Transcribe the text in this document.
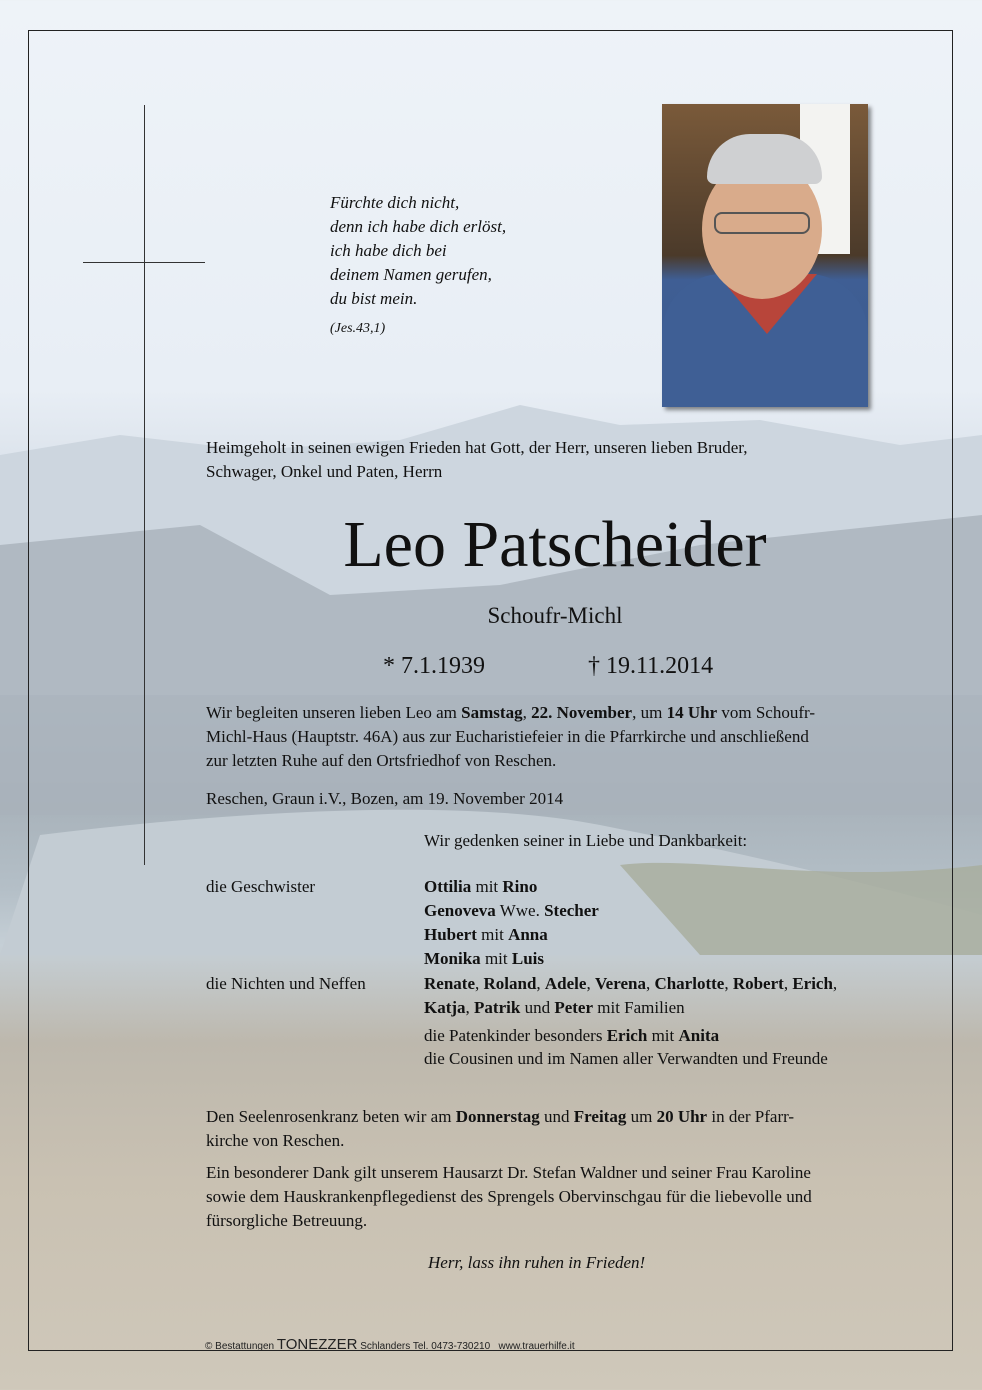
Fürchte dich nicht,
denn ich habe dich erlöst,
ich habe dich bei
deinem Namen gerufen,
du bist mein.
(Jes.43,1)
Heimgeholt in seinen ewigen Frieden hat Gott, der Herr, unseren lieben Bruder,
Schwager, Onkel und Paten, Herrn
Leo Patscheider
Schoufr-Michl
* 7.1.1939	† 19.11.2014
Wir begleiten unseren lieben Leo am Samstag, 22. November, um 14 Uhr vom Schoufr-
Michl-Haus (Hauptstr. 46A) aus zur Eucharistiefeier in die Pfarrkirche und anschließend
zur letzten Ruhe auf den Ortsfriedhof von Reschen.
Reschen, Graun i.V., Bozen, am 19. November 2014
Wir gedenken seiner in Liebe und Dankbarkeit:
die Geschwister	Ottilia mit Rino
Genoveva Wwe. Stecher
Hubert mit Anna
Monika mit Luis
die Nichten und Neffen	Renate, Roland, Adele, Verena, Charlotte, Robert, Erich,
Katja, Patrik und Peter mit Familien
die Patenkinder besonders Erich mit Anita
die Cousinen und im Namen aller Verwandten und Freunde
Den Seelenrosenkranz beten wir am Donnerstag und Freitag um 20 Uhr in der Pfarr-
kirche von Reschen.
Ein besonderer Dank gilt unserem Hausarzt Dr. Stefan Waldner und seiner Frau Karoline
sowie dem Hauskrankenpflegedienst des Sprengels Obervinschgau für die liebevolle und
fürsorgliche Betreuung.
Herr, lass ihn ruhen in Frieden!
© Bestattungen TONEZZER Schlanders Tel. 0473-730210 www.trauerhilfe.it
